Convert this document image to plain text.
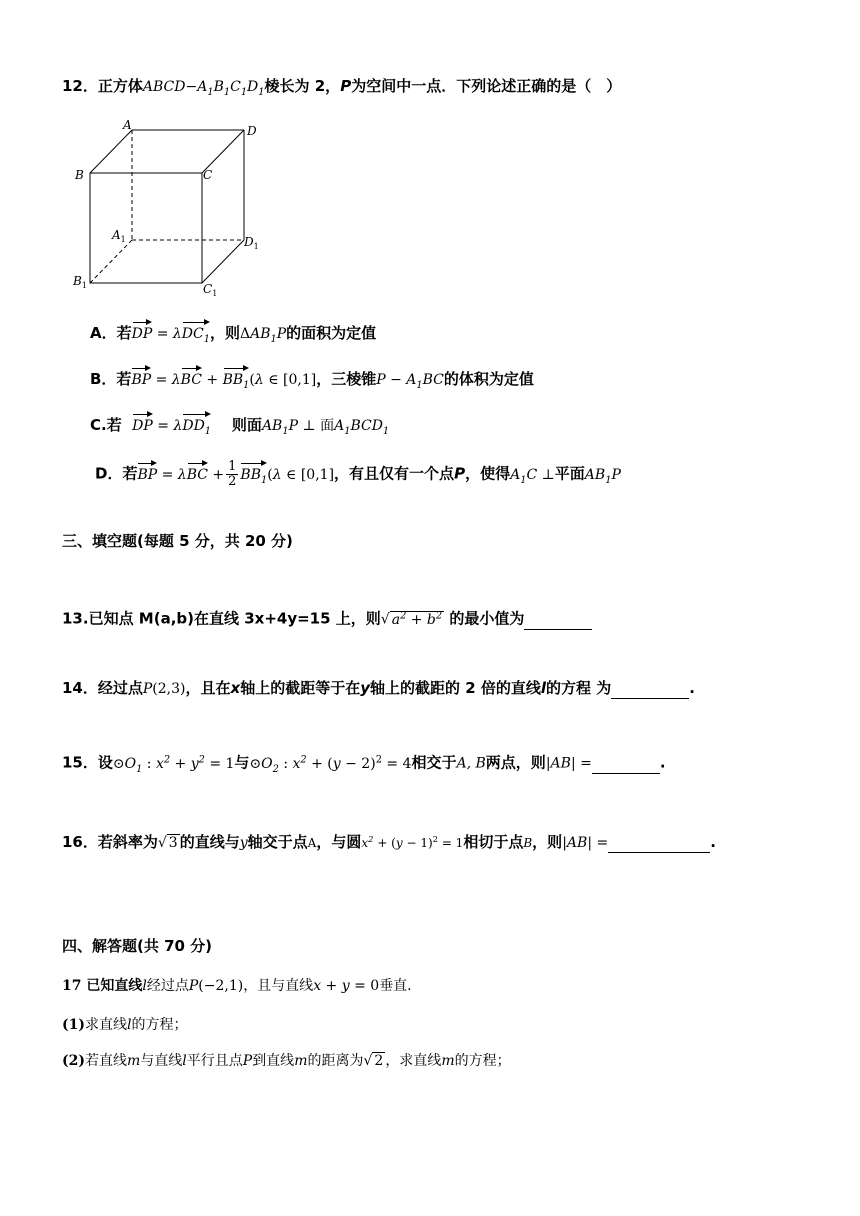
12．正方体$ABCD-A_1B_1C_1D_1$棱长为 2，P为空间中一点．下列论述正确的是（　）
A	D
B	C
$A_1$	$D_1$
$B_1$	$C_1$
A．若DP = λDC$_1$，则$\Delta AB_1P$的面积为定值
B．若BP = $\lambda BC + BB_1(\lambda$ ∈ [0,1]，三棱锥$P - A_1BC$的体积为定值
C.若 DP = λDD$_1$ 则面$AB_1P$ ⊥ 面$A_1BCD_1$
D．若BP = $\lambda BC + \frac{1}{2} BB_1(\lambda$ ∈ [0,1]，有且仅有一个点P，使得$A_1C$ ⊥平面$AB_1P$
三、填空题(每题 5 分，共 20 分)
13.已知点 M(a,b)在直线 3x+4y=15 上，则√ $a^2 + b^2$ 的最小值为
14．经过点P(2,3)，且在x轴上的截距等于在y轴上的截距的 2 倍的直线l的方程 为	.
15．设$⊙O_1$ : $x^2 + y^2 = 1$与$⊙O_2$ : $x^2 + (y - 2)^2 = 4$相交于A, B两点，则|AB| =	.
16．若斜率为√ 3 的直线与y轴交于点A，与圆$x^2 + (y - 1)^2 = 1$相切于点B，则|AB| =	.
四、解答题(共 70 分)
17 已知直线l经过点P(−2,1)，且与直线x + y = 0垂直.
(1)求直线l的方程；
(2)若直线m与直线l平行且点P到直线m的距离为√ 2 ，求直线m的方程；
